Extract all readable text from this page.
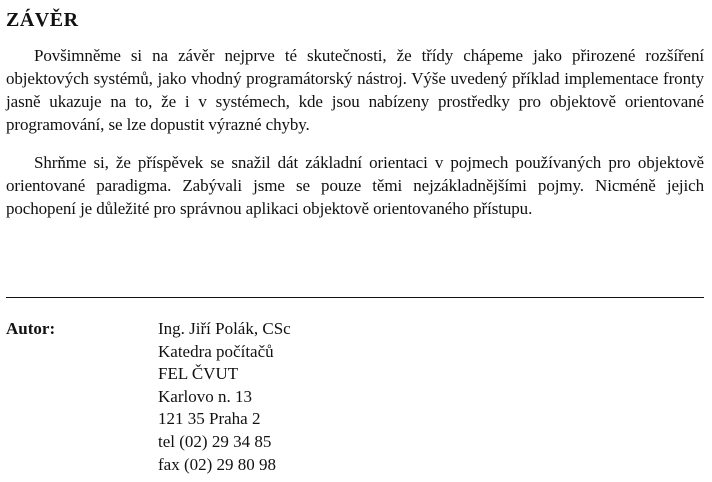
ZÁVĚR

Povšimněme si na závěr nejprve té skutečnosti, že třídy chápeme jako přirozené rozšíření objektových systémů, jako vhodný programátorský nástroj. Výše uvedený příklad implementace fronty jasně ukazuje na to, že i v systémech, kde jsou nabízeny prostředky pro objektově orientované programování, se lze dopustit výrazné chyby.

Shrňme si, že příspěvek se snažil dát základní orientaci v pojmech používaných pro objektově orientované paradigma. Zabývali jsme se pouze těmi nejzákladnějšími pojmy. Nicméně jejich pochopení je důležité pro správnou aplikaci objektově orientovaného přístupu.

Autor:	Ing. Jiří Polák, CSc
Katedra počítačů
FEL ČVUT
Karlovo n. 13
121 35 Praha 2
tel (02) 29 34 85
fax (02) 29 80 98
